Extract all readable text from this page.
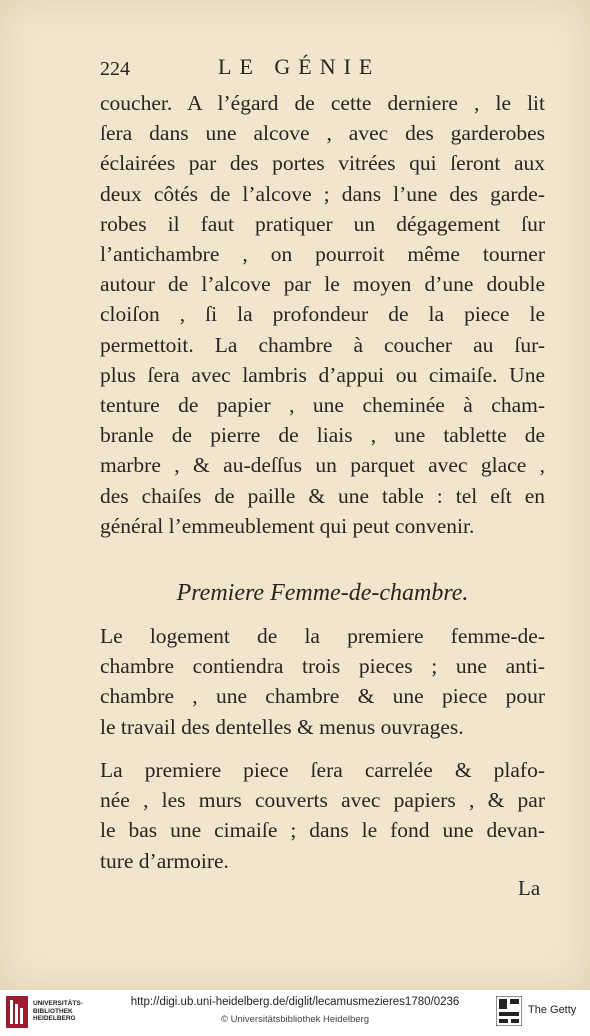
224	LE GÉNIE
coucher. A l’égard de cette derniere , le lit
ſera dans une alcove , avec des garderobes
éclairées par des portes vitrées qui ſeront aux
deux côtés de l’alcove ; dans l’une des garde-
robes il faut pratiquer un dégagement ſur
l’antichambre , on pourroit même tourner
autour de l’alcove par le moyen d’une double
cloiſon , ſi la profondeur de la piece le
permettoit. La chambre à coucher au ſur-
plus ſera avec lambris d’appui ou cimaiſe. Une
tenture de papier , une cheminée à cham-
branle de pierre de liais , une tablette de
marbre , & au-deſſus un parquet avec glace ,
des chaiſes de paille & une table : tel eſt en
général l’emmeublement qui peut convenir.
Premiere Femme-de-chambre.
Le logement de la premiere femme-de-
chambre contiendra trois pieces ; une anti-
chambre , une chambre & une piece pour
le travail des dentelles & menus ouvrages.
La premiere piece ſera carrelée & plafo-
née , les murs couverts avec papiers , & par
le bas une cimaiſe ; dans le fond une devan-
ture d’armoire.
La
UNIVERSITÄTS-
BIBLIOTHEK
HEIDELBERG
http://digi.ub.uni-heidelberg.de/diglit/lecamusmezieres1780/0236
© Universitätsbibliothek Heidelberg
The Getty
